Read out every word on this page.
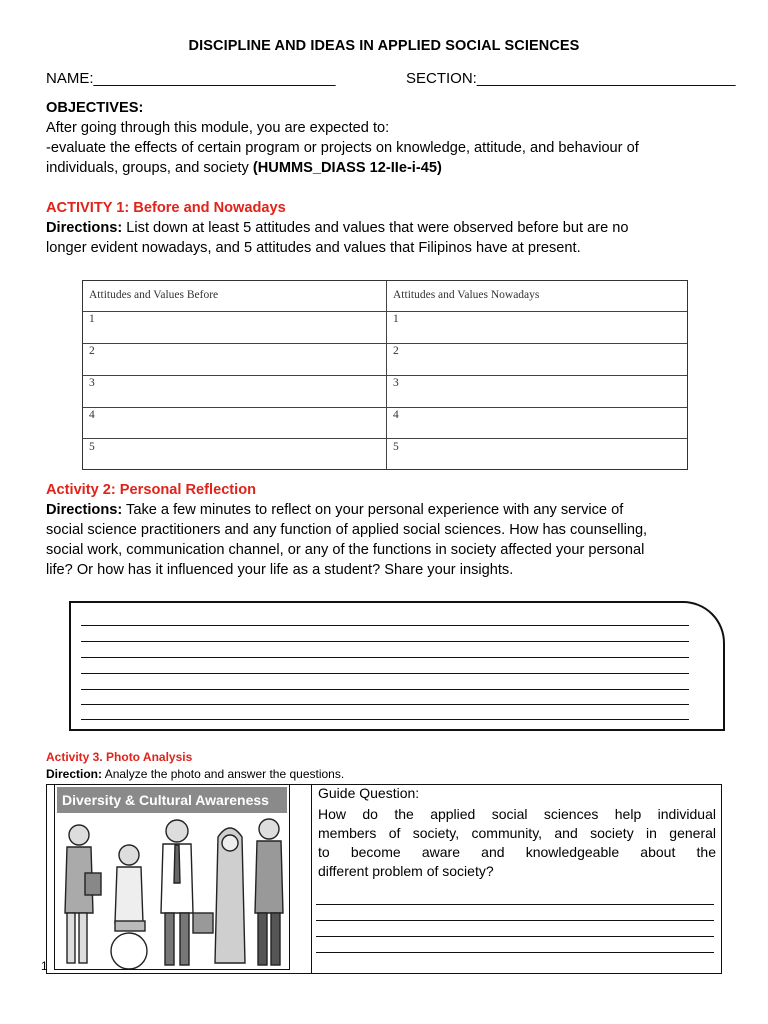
DISCIPLINE AND IDEAS IN APPLIED SOCIAL SCIENCES
NAME:_____________________________	SECTION:_______________________________
OBJECTIVES:
After going through this module, you are expected to:
-evaluate the effects of certain program or projects on knowledge, attitude, and behaviour of
individuals, groups, and society (HUMMS_DIASS 12-IIe-i-45)
ACTIVITY 1: Before and Nowadays
Directions: List down at least 5 attitudes and values that were observed before but are no
longer evident nowadays, and 5 attitudes and values that Filipinos have at present.
Attitudes and Values Before	Attitudes and Values Nowadays
1	1
2	2
3	3
4	4
5	5
Activity 2: Personal Reflection
Directions: Take a few minutes to reflect on your personal experience with any service of
social science practitioners and any function of applied social sciences. How has counselling,
social work, communication channel, or any of the functions in society affected your personal
life? Or how has it influenced your life as a student? Share your insights.
Activity 3. Photo Analysis
Direction: Analyze the photo and answer the questions.
Diversity & Cultural Awareness	Guide Question:
How do the applied social sciences help individual
members of society, community, and society in general
to become aware and knowledgeable about the
different problem of society?
1
